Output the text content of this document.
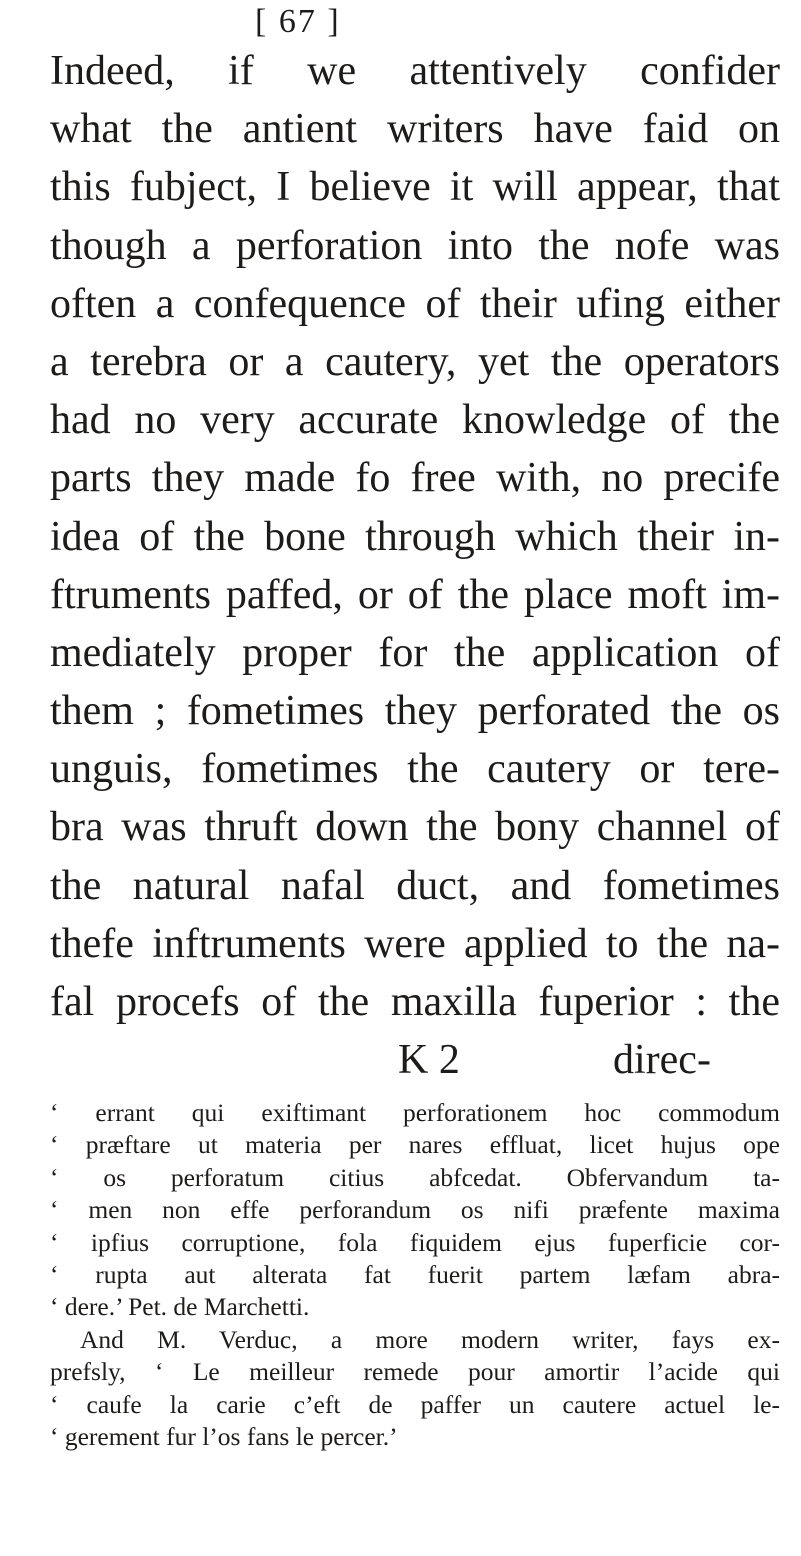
[ 67 ]
Indeed, if we attentively confider
what the antient writers have faid on
this fubject, I believe it will appear, that
though a perforation into the nofe was
often a confequence of their ufing either
a terebra or a cautery, yet the operators
had no very accurate knowledge of the
parts they made fo free with, no precife
idea of the bone through which their in-
ftruments paffed, or of the place moft im-
mediately proper for the application of
them ; fometimes they perforated the os
unguis, fometimes the cautery or tere-
bra was thruft down the bony channel of
the natural nafal duct, and fometimes
thefe inftruments were applied to the na-
fal procefs of the maxilla fuperior : the
K 2	direc-
‘ errant qui exiftimant perforationem hoc commodum
‘ præftare ut materia per nares effluat, licet hujus ope
‘ os perforatum citius abfcedat. Obfervandum ta-
‘ men non effe perforandum os nifi præfente maxima
‘ ipfius corruptione, fola fiquidem ejus fuperficie cor-
‘ rupta aut alterata fat fuerit partem læfam abra-
‘ dere.’ Pet. de Marchetti.
And M. Verduc, a more modern writer, fays ex-
prefsly, ‘ Le meilleur remede pour amortir l’acide qui
‘ caufe la carie c’eft de paffer un cautere actuel le-
‘ gerement fur l’os fans le percer.’
